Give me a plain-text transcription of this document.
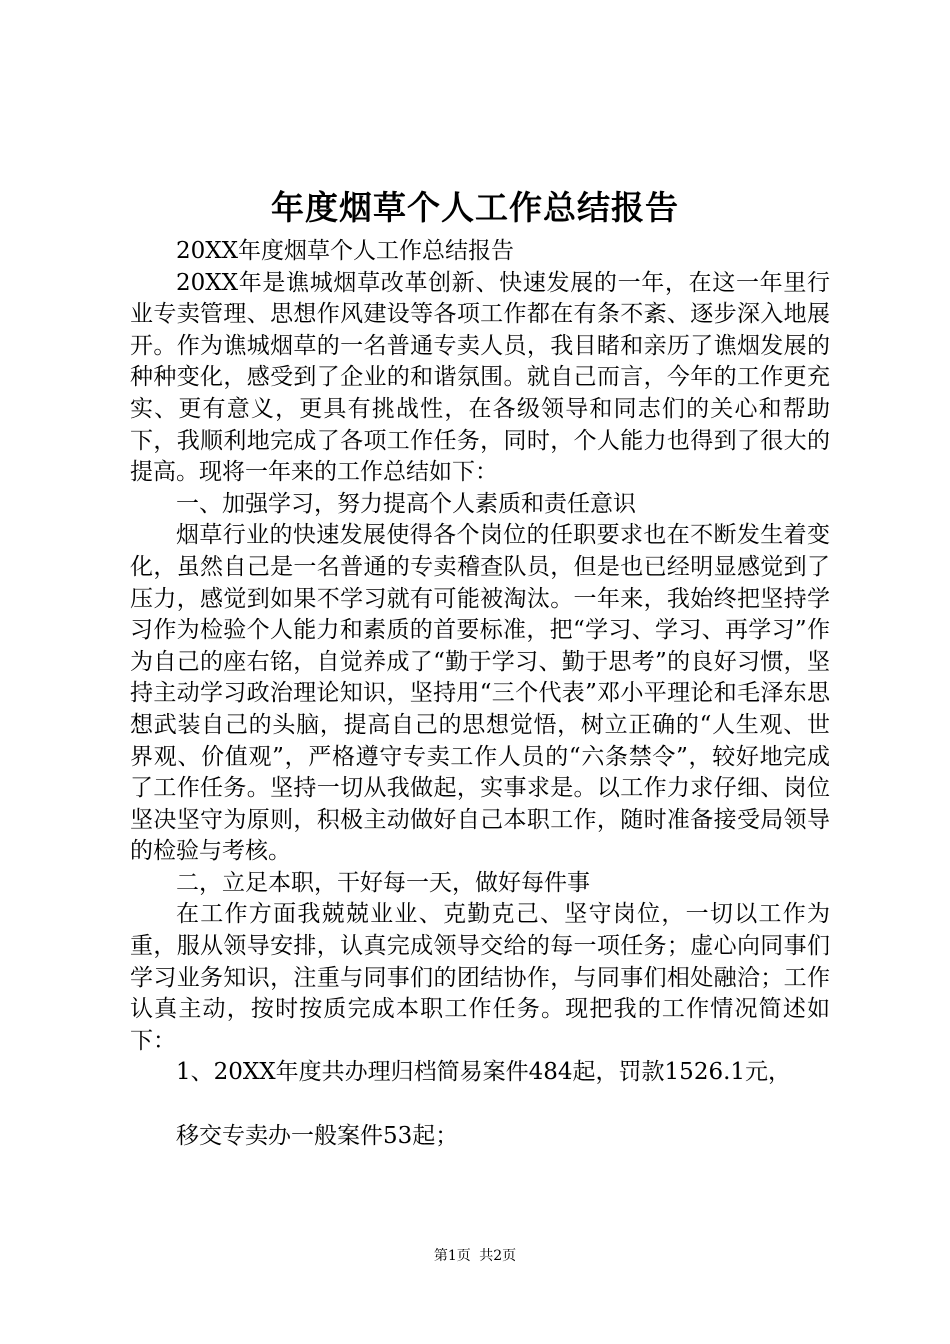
年度烟草个人工作总结报告

20XX年度烟草个人工作总结报告

20XX年是谯城烟草改革创新、快速发展的一年，在这一年里行业专卖管理、思想作风建设等各项工作都在有条不紊、逐步深入地展开。作为谯城烟草的一名普通专卖人员，我目睹和亲历了谯烟发展的种种变化，感受到了企业的和谐氛围。就自己而言，今年的工作更充实、更有意义，更具有挑战性，在各级领导和同志们的关心和帮助下，我顺利地完成了各项工作任务，同时，个人能力也得到了很大的提高。现将一年来的工作总结如下：

一、加强学习，努力提高个人素质和责任意识

烟草行业的快速发展使得各个岗位的任职要求也在不断发生着变化，虽然自己是一名普通的专卖稽查队员，但是也已经明显感觉到了压力，感觉到如果不学习就有可能被淘汰。一年来，我始终把坚持学习作为检验个人能力和素质的首要标准，把“学习、学习、再学习”作为自己的座右铭，自觉养成了“勤于学习、勤于思考”的良好习惯，坚持主动学习政治理论知识，坚持用“三个代表”邓小平理论和毛泽东思想武装自己的头脑，提高自己的思想觉悟，树立正确的“人生观、世界观、价值观”，严格遵守专卖工作人员的“六条禁令”，较好地完成了工作任务。坚持一切从我做起，实事求是。以工作力求仔细、岗位坚决坚守为原则，积极主动做好自己本职工作，随时准备接受局领导的检验与考核。

二，立足本职，干好每一天，做好每件事

在工作方面我兢兢业业、克勤克己、坚守岗位，一切以工作为重，服从领导安排，认真完成领导交给的每一项任务；虚心向同事们学习业务知识，注重与同事们的团结协作，与同事们相处融洽；工作认真主动，按时按质完成本职工作任务。现把我的工作情况简述如下：

1、20XX年度共办理归档简易案件484起，罚款1526.1元，

移交专卖办一般案件53起；

第1页 共2页
